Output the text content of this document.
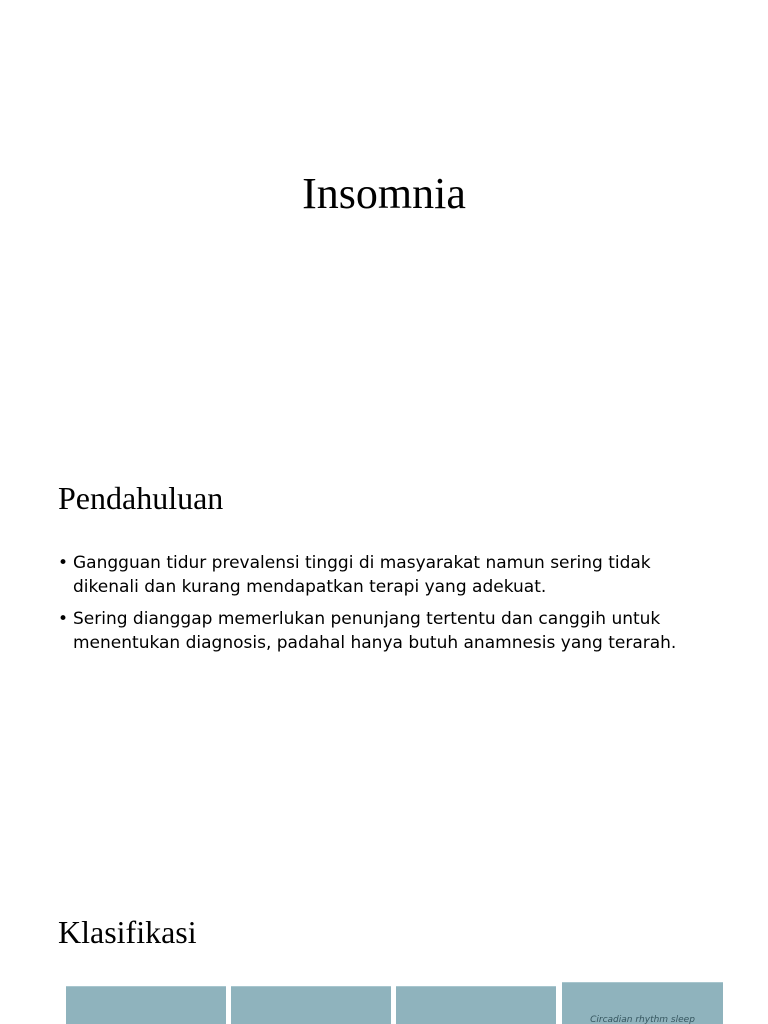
Insomnia
Pendahuluan
• Gangguan tidur prevalensi tinggi di masyarakat namun sering tidak dikenali dan kurang mendapatkan terapi yang adekuat.
• Sering dianggap memerlukan penunjang tertentu dan canggih untuk menentukan diagnosis, padahal hanya butuh anamnesis yang terarah.
Klasifikasi
Circadian rhythm sleep
